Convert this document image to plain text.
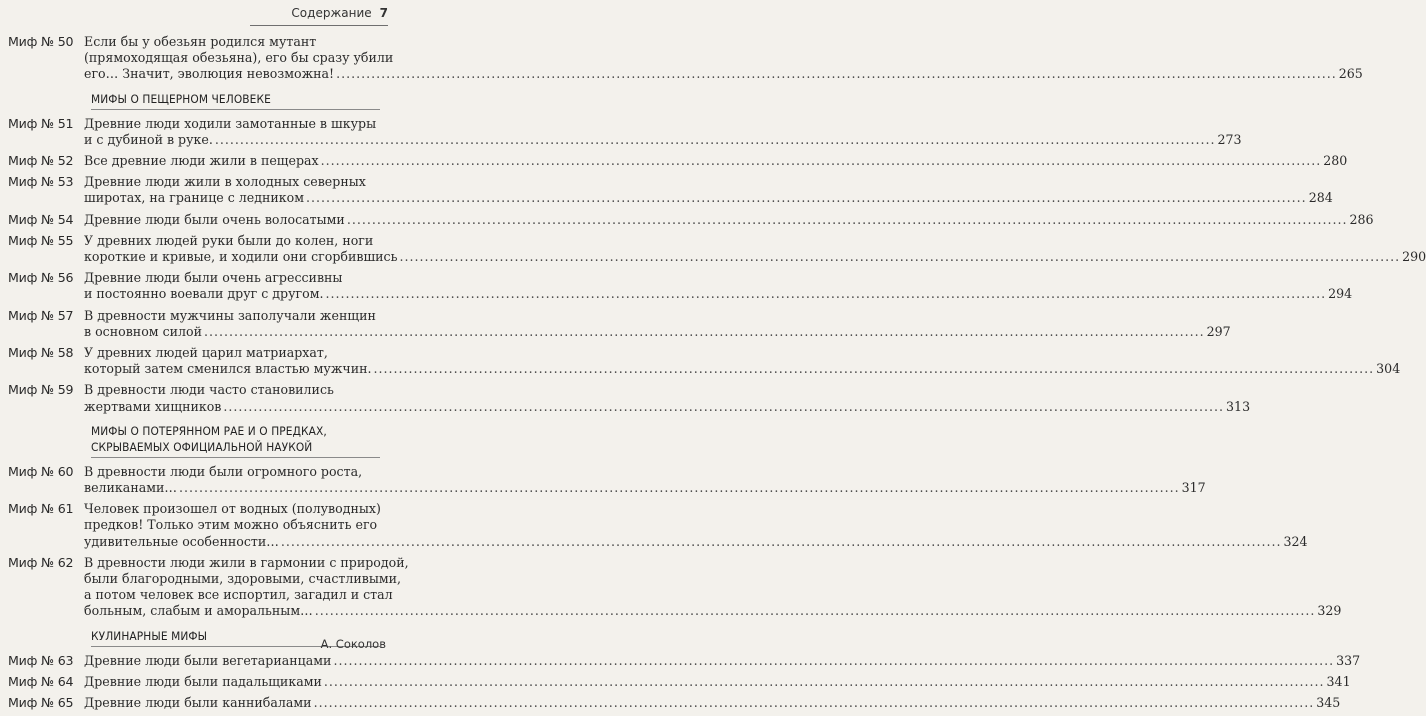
Содержание 7
Миф № 50 Если бы у обезьян родился мутант
(прямоходящая обезьяна), его бы сразу убили
его… Значит, эволюция невозможна! ........................................................................................................................................................................................................ 265
МИФЫ О ПЕЩЕРНОМ ЧЕЛОВЕКЕ
Миф № 51 Древние люди ходили замотанные в шкуры
и с дубиной в руке. ........................................................................................................................................................................................................ 273
Миф № 52 Все древние люди жили в пещерах ........................................................................................................................................................................................................ 280
Миф № 53 Древние люди жили в холодных северных
широтах, на границе с ледником ........................................................................................................................................................................................................ 284
Миф № 54 Древние люди были очень волосатыми ........................................................................................................................................................................................................ 286
Миф № 55 У древних людей руки были до колен, ноги
короткие и кривые, и ходили они сгорбившись ........................................................................................................................................................................................................ 290
Миф № 56 Древние люди были очень агрессивны
и постоянно воевали друг с другом. ........................................................................................................................................................................................................ 294
Миф № 57 В древности мужчины заполучали женщин
в основном силой ........................................................................................................................................................................................................ 297
Миф № 58 У древних людей царил матриархат,
который затем сменился властью мужчин. ........................................................................................................................................................................................................ 304
Миф № 59 В древности люди часто становились
жертвами хищников ........................................................................................................................................................................................................ 313
МИФЫ О ПОТЕРЯННОМ РАЕ И О ПРЕДКАХ,
СКРЫВАЕМЫХ ОФИЦИАЛЬНОЙ НАУКОЙ
Миф № 60 В древности люди были огромного роста,
великанами… ........................................................................................................................................................................................................ 317
Миф № 61 Человек произошел от водных (полуводных)
предков! Только этим можно объяснить его
удивительные особенности… ........................................................................................................................................................................................................ 324
Миф № 62 В древности люди жили в гармонии с природой,
были благородными, здоровыми, счастливыми,
а потом человек все испортил, загадил и стал
больным, слабым и аморальным… ........................................................................................................................................................................................................ 329
КУЛИНАРНЫЕ МИФЫ
Миф № 63 Древние люди были вегетарианцами ........................................................................................................................................................................................................ 337
Миф № 64 Древние люди были падальщиками ........................................................................................................................................................................................................ 341
Миф № 65 Древние люди были каннибалами ........................................................................................................................................................................................................ 345
А. Соколов
